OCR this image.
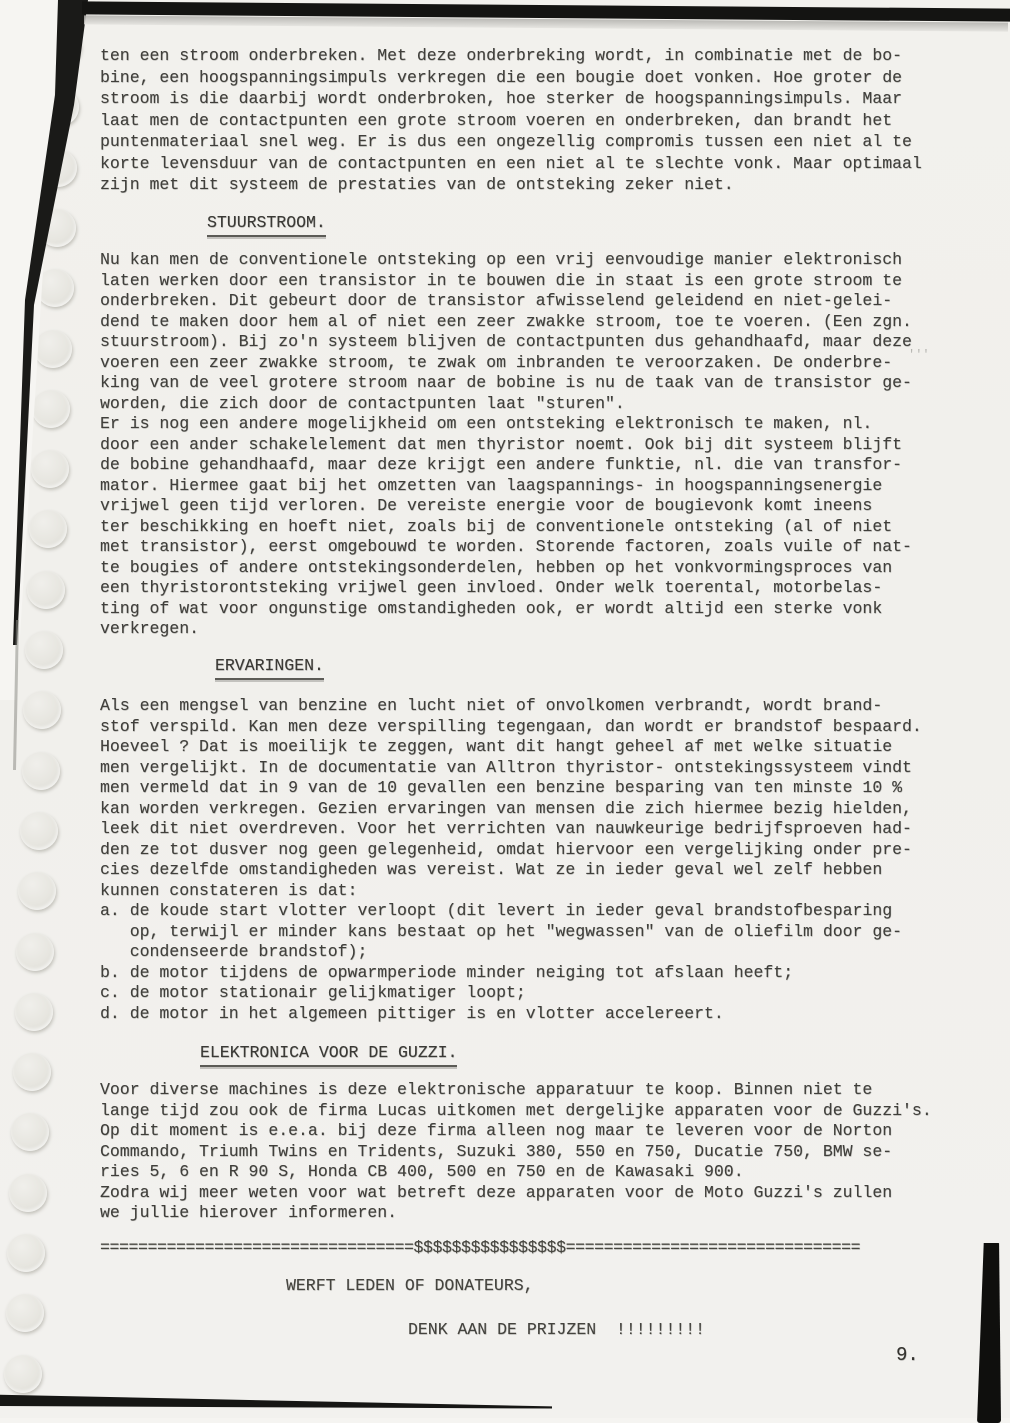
ten een stroom onderbreken. Met deze onderbreking wordt, in combinatie met de bo-
bine, een hoogspanningsimpuls verkregen die een bougie doet vonken. Hoe groter de
stroom is die daarbij wordt onderbroken, hoe sterker de hoogspanningsimpuls. Maar
laat men de contactpunten een grote stroom voeren en onderbreken, dan brandt het
puntenmateriaal snel weg. Er is dus een ongezellig compromis tussen een niet al te
korte levensduur van de contactpunten en een niet al te slechte vonk. Maar optimaal
zijn met dit systeem de prestaties van de ontsteking zeker niet.
STUURSTROOM.
Nu kan men de conventionele ontsteking op een vrij eenvoudige manier elektronisch
laten werken door een transistor in te bouwen die in staat is een grote stroom te
onderbreken. Dit gebeurt door de transistor afwisselend geleidend en niet-gelei-
dend te maken door hem al of niet een zeer zwakke stroom, toe te voeren. (Een zgn.
stuurstroom). Bij zo'n systeem blijven de contactpunten dus gehandhaafd, maar deze
voeren een zeer zwakke stroom, te zwak om inbranden te veroorzaken. De onderbre-
king van de veel grotere stroom naar de bobine is nu de taak van de transistor ge-
worden, die zich door de contactpunten laat "sturen".
Er is nog een andere mogelijkheid om een ontsteking elektronisch te maken, nl.
door een ander schakelelement dat men thyristor noemt. Ook bij dit systeem blijft
de bobine gehandhaafd, maar deze krijgt een andere funktie, nl. die van transfor-
mator. Hiermee gaat bij het omzetten van laagspannings- in hoogspanningsenergie
vrijwel geen tijd verloren. De vereiste energie voor de bougievonk komt ineens
ter beschikking en hoeft niet, zoals bij de conventionele ontsteking (al of niet
met transistor), eerst omgebouwd te worden. Storende factoren, zoals vuile of nat-
te bougies of andere ontstekingsonderdelen, hebben op het vonkvormingsproces van
een thyristorontsteking vrijwel geen invloed. Onder welk toerental, motorbelas-
ting of wat voor ongunstige omstandigheden ook, er wordt altijd een sterke vonk
verkregen.
'''
ERVARINGEN.
Als een mengsel van benzine en lucht niet of onvolkomen verbrandt, wordt brand-
stof verspild. Kan men deze verspilling tegengaan, dan wordt er brandstof bespaard.
Hoeveel ? Dat is moeilijk te zeggen, want dit hangt geheel af met welke situatie
men vergelijkt. In de documentatie van Alltron thyristor- ontstekingssysteem vindt
men vermeld dat in 9 van de 10 gevallen een benzine besparing van ten minste 10 %
kan worden verkregen. Gezien ervaringen van mensen die zich hiermee bezig hielden,
leek dit niet overdreven. Voor het verrichten van nauwkeurige bedrijfsproeven had-
den ze tot dusver nog geen gelegenheid, omdat hiervoor een vergelijking onder pre-
cies dezelfde omstandigheden was vereist. Wat ze in ieder geval wel zelf hebben
kunnen constateren is dat:
a. de koude start vlotter verloopt (dit levert in ieder geval brandstofbesparing
op, terwijl er minder kans bestaat op het "wegwassen" van de oliefilm door ge-
condenseerde brandstof);
b. de motor tijdens de opwarmperiode minder neiging tot afslaan heeft;
c. de motor stationair gelijkmatiger loopt;
d. de motor in het algemeen pittiger is en vlotter accelereert.
ELEKTRONICA VOOR DE GUZZI.
Voor diverse machines is deze elektronische apparatuur te koop. Binnen niet te
lange tijd zou ook de firma Lucas uitkomen met dergelijke apparaten voor de Guzzi's.
Op dit moment is e.e.a. bij deze firma alleen nog maar te leveren voor de Norton
Commando, Triumh Twins en Tridents, Suzuki 380, 550 en 750, Ducatie 750, BMW se-
ries 5, 6 en R 90 S, Honda CB 400, 500 en 750 en de Kawasaki 900.
Zodra wij meer weten voor wat betreft deze apparaten voor de Moto Guzzi's zullen
we jullie hierover informeren.
=================================$$$$$$$$$$$$$$$$===============================
WERFT LEDEN OF DONATEURS,
DENK AAN DE PRIJZEN  !!!!!!!!!
9.
